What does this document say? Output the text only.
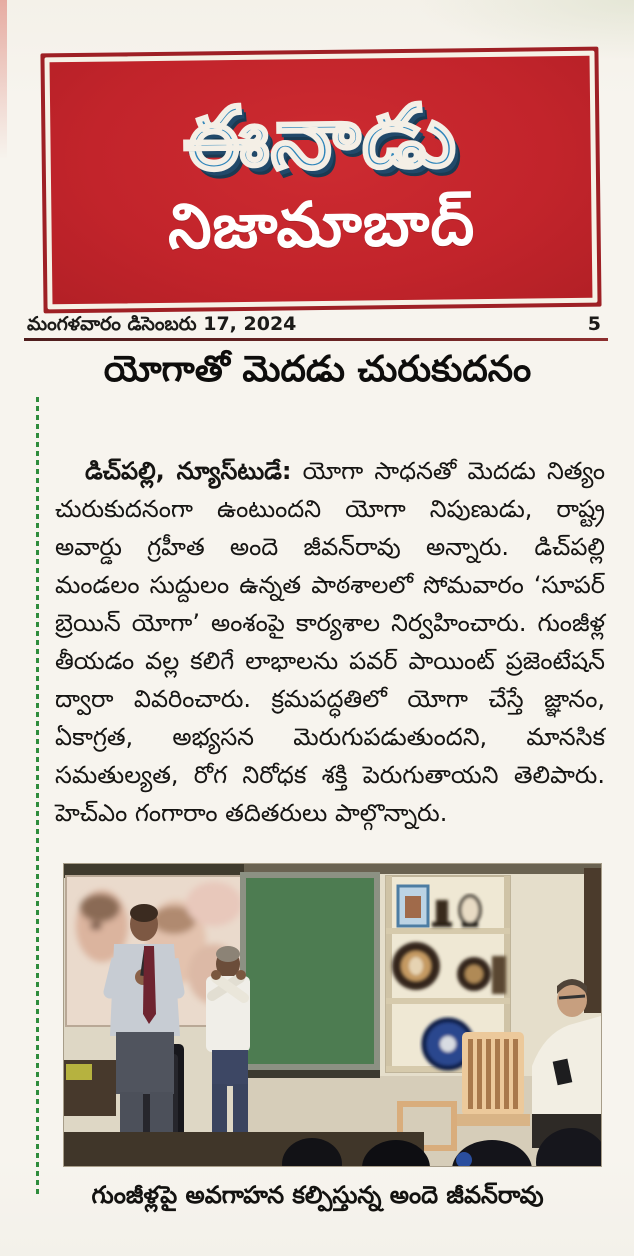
ఈనాడు
నిజామాబాద్
మంగళవారం డిసెంబరు 17, 2024	5
యోగాతో మెదడు చురుకుదనం

డిచ్‌పల్లి, న్యూస్‌టుడే: యోగా సాధనతో మెదడు నిత్యం చురుకుదనంగా ఉంటుందని యోగా నిపుణుడు, రాష్ట్ర అవార్డు గ్రహీత అందె జీవన్‌రావు అన్నారు. డిచ్‌పల్లి మండలం సుద్దులం ఉన్నత పాఠశాలలో సోమవారం ‘సూపర్ బ్రెయిన్ యోగా’ అంశంపై కార్యశాల నిర్వహించారు. గుంజీళ్ల తీయడం వల్ల కలిగే లాభాలను పవర్ పాయింట్ ప్రజెంటేషన్ ద్వారా వివరించారు. క్రమపద్ధతిలో యోగా చేస్తే జ్ఞానం, ఏకాగ్రత, అభ్యసన మెరుగుపడుతుందని, మానసిక సమతుల్యత, రోగ నిరోధక శక్తి పెరుగుతాయని తెలిపారు. హెచ్‌ఎం గంగారాం తదితరులు పాల్గొన్నారు.

గుంజీళ్లపై అవగాహన కల్పిస్తున్న అందె జీవన్‌రావు
